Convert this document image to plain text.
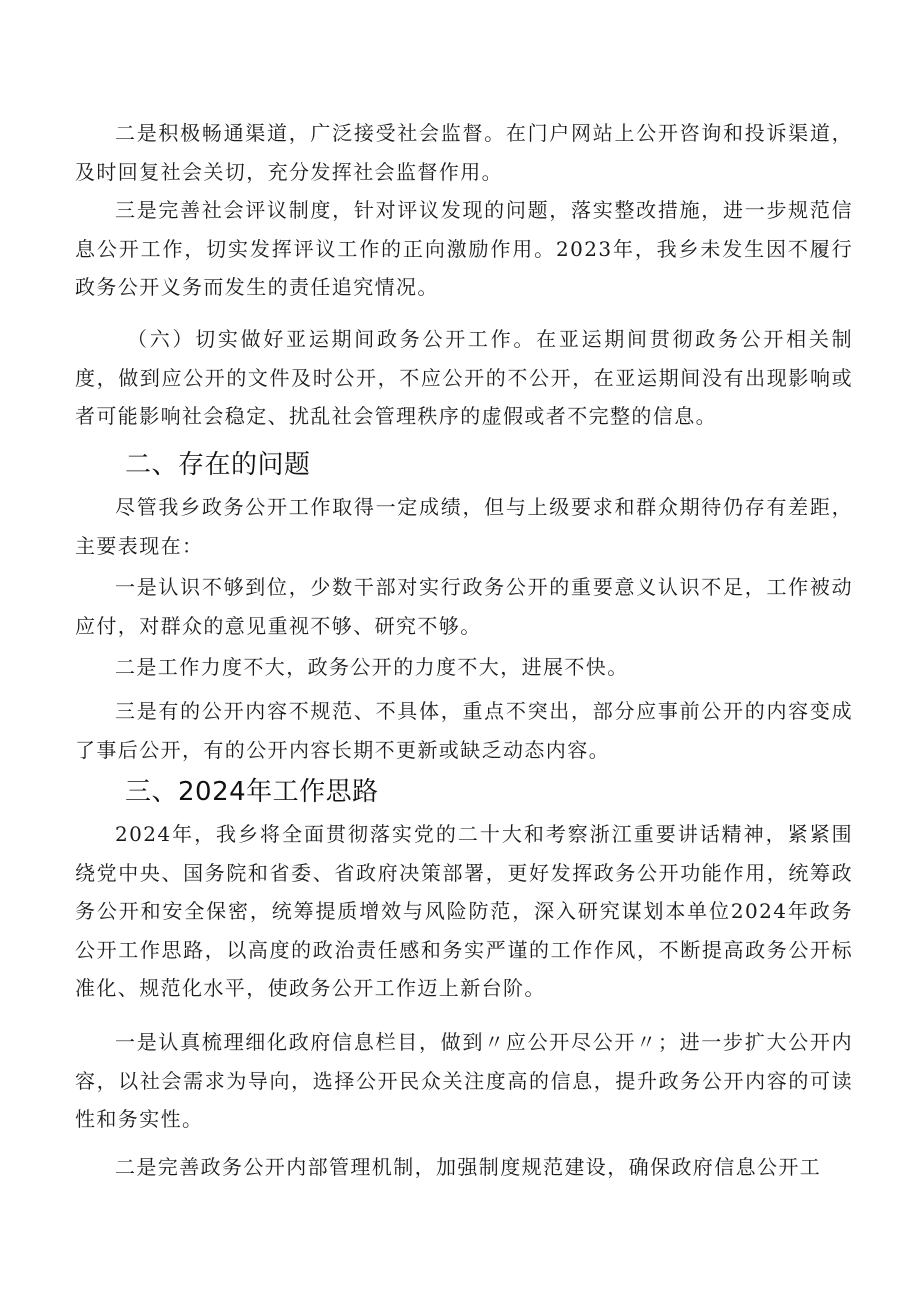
二是积极畅通渠道，广泛接受社会监督。在门户网站上公开咨询和投诉渠道，及时回复社会关切，充分发挥社会监督作用。

三是完善社会评议制度，针对评议发现的问题，落实整改措施，进一步规范信息公开工作，切实发挥评议工作的正向激励作用。2023年，我乡未发生因不履行政务公开义务而发生的责任追究情况。

（六）切实做好亚运期间政务公开工作。在亚运期间贯彻政务公开相关制度，做到应公开的文件及时公开，不应公开的不公开，在亚运期间没有出现影响或者可能影响社会稳定、扰乱社会管理秩序的虚假或者不完整的信息。

二、存在的问题

尽管我乡政务公开工作取得一定成绩，但与上级要求和群众期待仍存有差距，主要表现在：

一是认识不够到位，少数干部对实行政务公开的重要意义认识不足，工作被动应付，对群众的意见重视不够、研究不够。

二是工作力度不大，政务公开的力度不大，进展不快。

三是有的公开内容不规范、不具体，重点不突出，部分应事前公开的内容变成了事后公开，有的公开内容长期不更新或缺乏动态内容。

三、2024年工作思路

2024年，我乡将全面贯彻落实党的二十大和考察浙江重要讲话精神，紧紧围绕党中央、国务院和省委、省政府决策部署，更好发挥政务公开功能作用，统筹政务公开和安全保密，统筹提质增效与风险防范，深入研究谋划本单位2024年政务公开工作思路，以高度的政治责任感和务实严谨的工作作风，不断提高政务公开标准化、规范化水平，使政务公开工作迈上新台阶。

一是认真梳理细化政府信息栏目，做到〃应公开尽公开〃；进一步扩大公开内容，以社会需求为导向，选择公开民众关注度高的信息，提升政务公开内容的可读性和务实性。

二是完善政务公开内部管理机制，加强制度规范建设，确保政府信息公开工
